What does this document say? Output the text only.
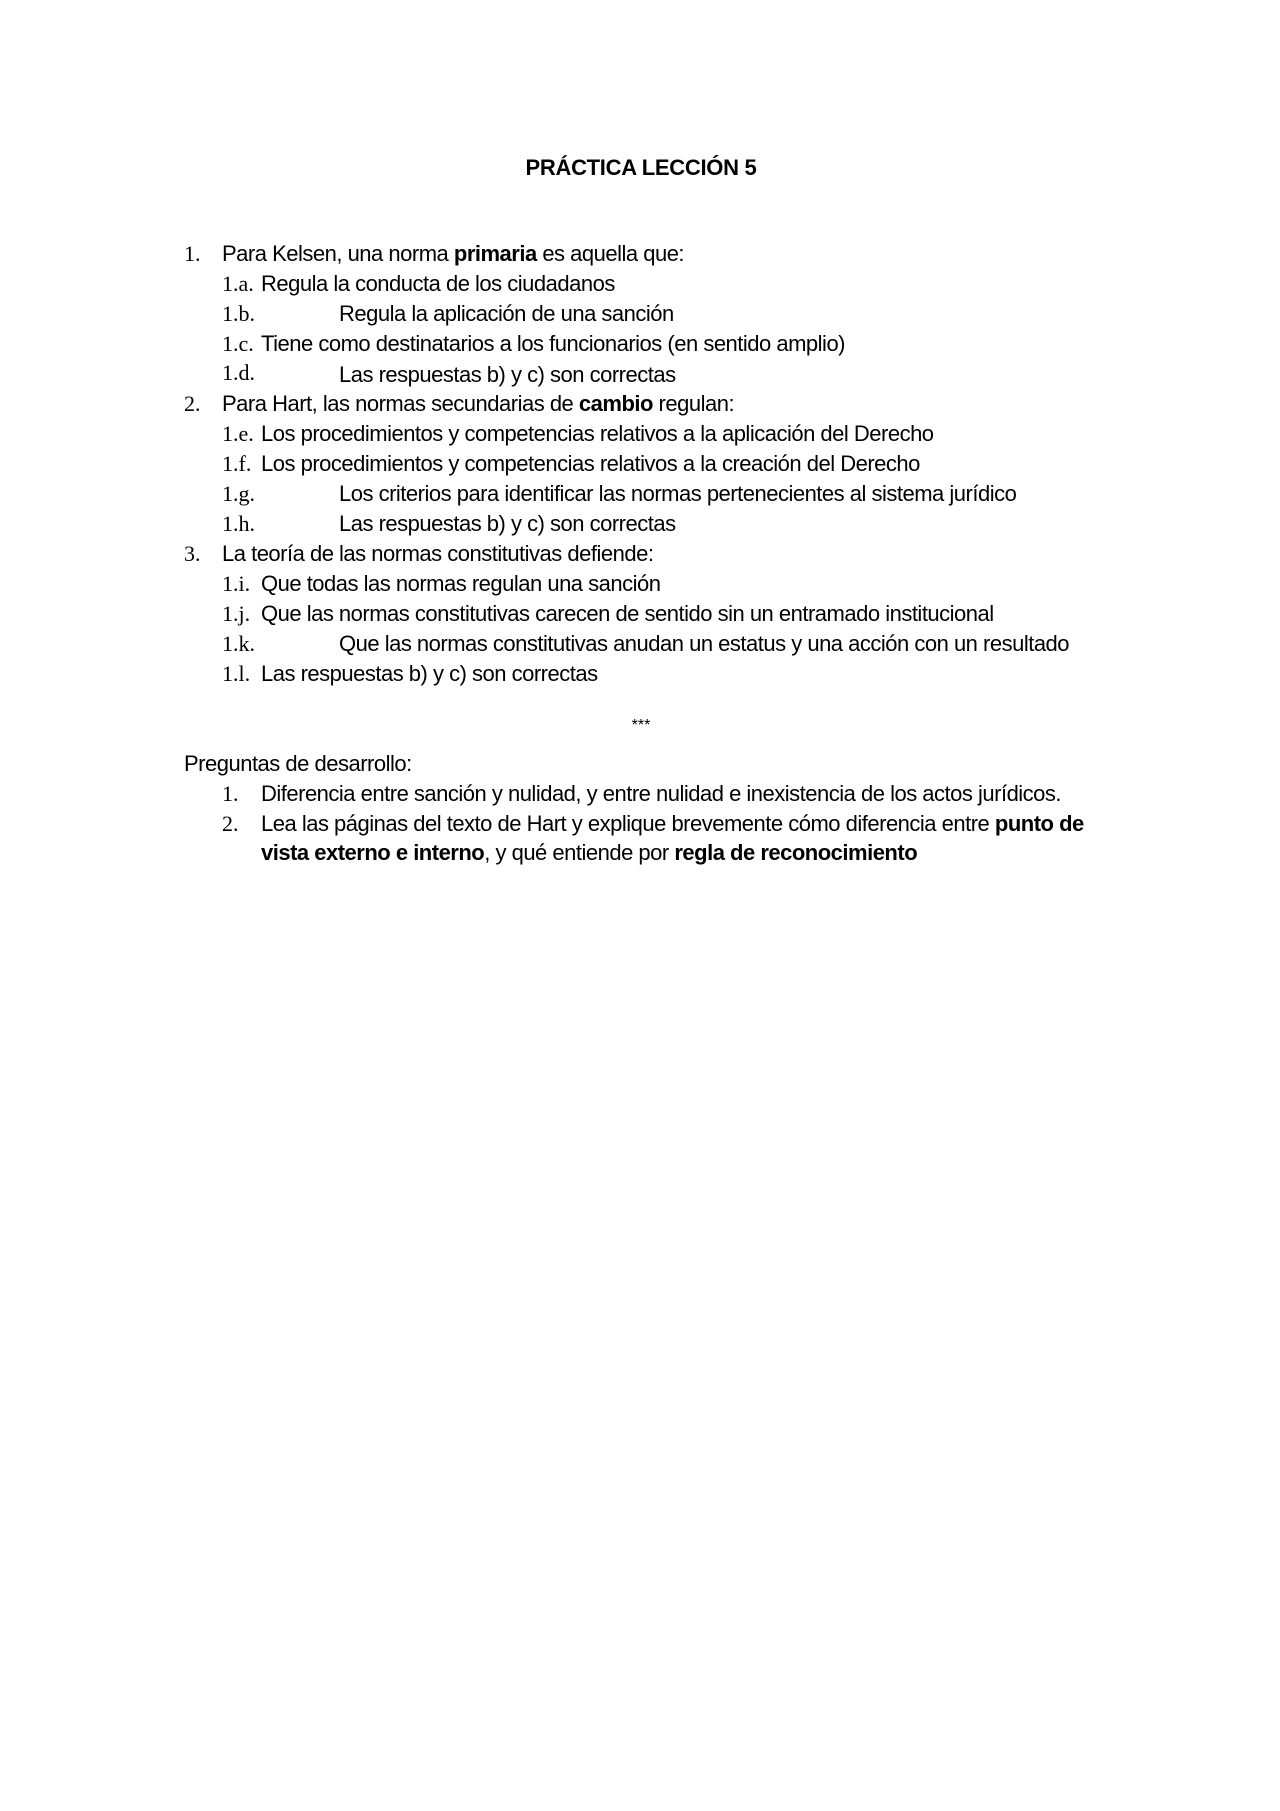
PRÁCTICA LECCIÓN 5
1. Para Kelsen, una norma primaria es aquella que:
1.a. Regula la conducta de los ciudadanos
1.b.	Regula la aplicación de una sanción
1.c. Tiene como destinatarios a los funcionarios (en sentido amplio)
1.d.	Las respuestas b) y c) son correctas
2. Para Hart, las normas secundarias de cambio regulan:
1.e. Los procedimientos y competencias relativos a la aplicación del Derecho
1.f. Los procedimientos y competencias relativos a la creación del Derecho
1.g.	Los criterios para identificar las normas pertenecientes al sistema jurídico
1.h.	Las respuestas b) y c) son correctas
3. La teoría de las normas constitutivas defiende:
1.i. Que todas las normas regulan una sanción
1.j. Que las normas constitutivas carecen de sentido sin un entramado institucional
1.k.	Que las normas constitutivas anudan un estatus y una acción con un resultado
1.l. Las respuestas b) y c) son correctas
***
Preguntas de desarrollo:
1. Diferencia entre sanción y nulidad, y entre nulidad e inexistencia de los actos jurídicos.
2. Lea las páginas del texto de Hart y explique brevemente cómo diferencia entre punto de
vista externo e interno, y qué entiende por regla de reconocimiento
